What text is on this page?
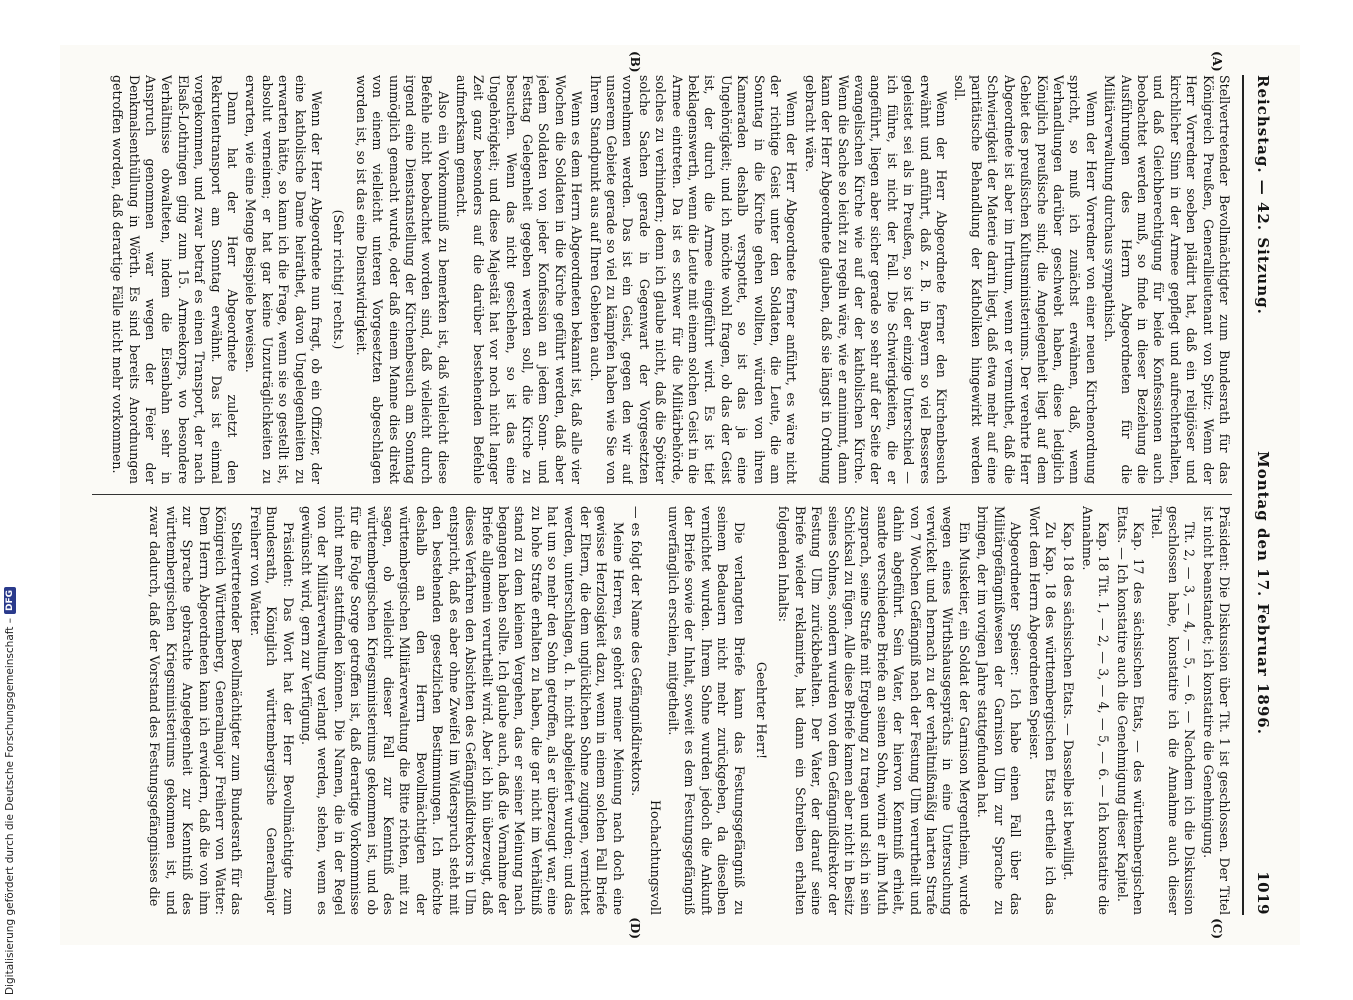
Reichstag. — 42. Sitzung.
Montag den 17. Februar 1896.
1019
(A)
(B)
(C)
(D)

Stellvertretender Bevollmächtigter zum Bundesrath für das Königreich Preußen, Generallieutenant von Spitz: Wenn der Herr Vorredner soeben plädirt hat, daß ein religiöser und kirchlicher Sinn in der Armee gepflegt und aufrechterhalten, und daß Gleichberechtigung für beide Konfessionen auch beobachtet werden muß, so finde in dieser Beziehung die Ausführungen des Herrn Abgeordneten für die Militärverwaltung durchaus sympathisch.

Wenn der Herr Vorredner von einer neuen Kirchenordnung spricht, so muß ich zunächst erwähnen, daß, wenn Verhandlungen darüber geschwebt haben, diese lediglich Königlich preußische sind; die Angelegenheit liegt auf dem Gebiet des preußischen Kultusministeriums. Der verehrte Herr Abgeordnete ist aber im Irrthum, wenn er vermuthet, daß die Schwierigkeit der Materie darin liegt, daß etwa mehr auf eine paritätische Behandlung der Katholiken hingewirkt werden soll.

Wenn der Herr Abgeordnete ferner den Kirchenbesuch erwähnt und anführt, daß z. B. in Bayern so viel Besseres geleistet sei als in Preußen, so ist der einzige Unterschied — ich führe, ist nicht der Fall. Die Schwierigkeiten, die er angeführt, liegen aber sicher gerade so sehr auf der Seite der evangelischen Kirche wie auf der der katholischen Kirche. Wenn die Sache so leicht zu regeln wäre, wie er annimmt, dann kann der Herr Abgeordnete glauben, daß sie längst in Ordnung gebracht wäre.

Wenn der Herr Abgeordnete ferner anführt, es wäre nicht der richtige Geist unter den Soldaten, die Leute, die am Sonntag in die Kirche gehen wollten, würden von ihren Kameraden deshalb verspottet, so ist das ja eine Ungehörigkeit; und ich möchte wohl fragen, ob das der Geist ist, der durch die Armee eingeführt wird. Es ist tief beklagenswerth, wenn die Leute mit einem solchen Geist in die Armee eintreten. Da ist es schwer für die Militärbehörde, solches zu verhindern; denn ich glaube nicht, daß die Spötter solche Sachen gerade in Gegenwart der Vorgesetzten vornehmen werden. Das ist ein Geist, gegen den wir auf unserem Gebiete gerade so viel zu kämpfen haben wie Sie von Ihrem Standpunkt aus auf Ihren Gebieten auch.

Wenn es dem Herrn Abgeordneten bekannt ist, daß alle vier Wochen die Soldaten in die Kirche geführt werden, daß aber jedem Soldaten von jeder Konfession an jedem Sonn- und Festtag Gelegenheit gegeben werden soll, die Kirche zu besuchen. Wenn das nicht geschehen, so ist das eine Ungehörigkeit; und diese Majestät hat vor noch nicht langer Zeit ganz besonders auf die darüber bestehenden Befehle aufmerksam gemacht.

Also ein Vorkommniß zu bemerken ist, daß vielleicht diese Befehle nicht beobachtet worden sind, daß vielleicht durch irgend eine Dienstanstellung der Kirchenbesuch am Sonntag unmöglich gemacht wurde, oder daß einem Manne dies direkt von einem vielleicht unteren Vorgesetzten abgeschlagen worden ist, so ist das eine Dienstwidrigkeit.

(Sehr richtig! rechts.)

Wenn der Herr Abgeordnete nun fragt, ob ein Offizier, der eine katholische Dame heirathet, davon Ungelegenheiten zu erwarten hätte, so kann ich die Frage, wenn sie so gestellt ist, absolut verneinen; er hat gar keine Unzuträglichkeiten zu erwarten, wie eine Menge Beispiele beweisen.

Dann hat der Herr Abgeordnete zuletzt den Rekrutentransport am Sonntag erwähnt. Das ist einmal vorgekommen, und zwar betraf es einen Transport, der nach Elsaß-Lothringen ging zum 15. Armeekorps, wo besondere Verhältnisse obwalteten, indem die Eisenbahn sehr in Anspruch genommen war wegen der Feier der Denkmalsenthüllung in Wörth. Es sind bereits Anordnungen getroffen worden, daß derartige Fälle nicht mehr vorkommen.

Präsident: Die Diskussion über Tit. 1 ist geschlossen. Der Titel ist nicht beanstandet; ich konstatire die Genehmigung.

Tit. 2, — 3, — 4, — 5, — 6. — Nachdem ich die Diskussion geschlossen habe, konstatire ich die Annahme auch dieser Titel.

Kap. 17 des sächsischen Etats, — des württembergischen Etats. — Ich konstatire auch die Genehmigung dieser Kapitel.

Kap. 18 Tit. 1, — 2, — 3, — 4, — 5, — 6. — Ich konstatire die Annahme.

Kap. 18 des sächsischen Etats. — Dasselbe ist bewilligt.

Zu Kap. 18 des württembergischen Etats ertheile ich das Wort dem Herrn Abgeordneten Speiser.

Abgeordneter Speiser: Ich habe einen Fall über das Militärgefängnißwesen der Garnison Ulm zur Sprache zu bringen, der im vorigen Jahre stattgefunden hat.

Ein Musketier, ein Soldat der Garnison Mergentheim, wurde wegen eines Wirthshausgesprächs in eine Untersuchung verwickelt und hernach zu der verhältnißmäßig harten Strafe von 7 Wochen Gefängniß nach der Festung Ulm verurtheilt und dahin abgeführt. Sein Vater, der hiervon Kenntniß erhielt, sandte verschiedene Briefe an seinen Sohn, worin er ihm Muth zusprach, seine Strafe mit Ergebung zu tragen und sich in sein Schicksal zu fügen. Alle diese Briefe kamen aber nicht in Besitz seines Sohnes, sondern wurden von dem Gefängnißdirektor der Festung Ulm zurückbehalten. Der Vater, der darauf seine Briefe wieder reklamirte, hat dann ein Schreiben erhalten folgenden Inhalts:

Geehrter Herr!

Die verlangten Briefe kann das Festungsgefängniß zu seinem Bedauern nicht mehr zurückgeben, da dieselben vernichtet wurden. Ihrem Sohne wurden jedoch die Ankunft der Briefe sowie der Inhalt, soweit es dem Festungsgefängniß unverfänglich erschien, mitgetheilt.

Hochachtungsvoll

— es folgt der Name des Gefängnißdirektors.

Meine Herren, es gehört meiner Meinung nach doch eine gewisse Herzlosigkeit dazu, wenn in einem solchen Fall Briefe der Eltern, die dem unglücklichen Sohne zugingen, vernichtet werden, unterschlagen, d. h. nicht abgeliefert wurden; und das hat um so mehr den Sohn getroffen, als er überzeugt war, eine zu hohe Strafe erhalten zu haben, die gar nicht im Verhältniß stand zu dem kleinen Vergehen, das er seiner Meinung nach begangen haben sollte. Ich glaube auch, daß die Vornahme der Briefe allgemein verurtheilt wird. Aber ich bin überzeugt, daß dieses Verfahren den Absichten des Gefängnißdirektors in Ulm entspricht, daß es aber ohne Zweifel im Widerspruch steht mit den bestehenden gesetzlichen Bestimmungen. Ich möchte deshalb an den Herrn Bevollmächtigten der württembergischen Militärverwaltung die Bitte richten, mit zu sagen, ob vielleicht dieser Fall zur Kenntniß des württembergischen Kriegsministeriums gekommen ist, und ob für die Folge Sorge getroffen ist, daß derartige Vorkommnisse nicht mehr stattfinden können. Die Namen, die in der Regel von der Militärverwaltung verlangt werden, stehen, wenn es gewünscht wird, gern zur Verfügung.

Präsident: Das Wort hat der Herr Bevollmächtigte zum Bundesrath, Königlich württembergische Generalmajor Freiherr von Watter.

Stellvertretender Bevollmächtigter zum Bundesrath für das Königreich Württemberg, Generalmajor Freiherr von Watter: Dem Herrn Abgeordneten kann ich erwidern, daß die von ihm zur Sprache gebrachte Angelegenheit zur Kenntniß des württembergischen Kriegsministeriums gekommen ist, und zwar dadurch, daß der Vorstand des Festungsgefängnisses die

Digitalisierung gefördert durch die Deutsche Forschungsgemeinschaft –
DFG
